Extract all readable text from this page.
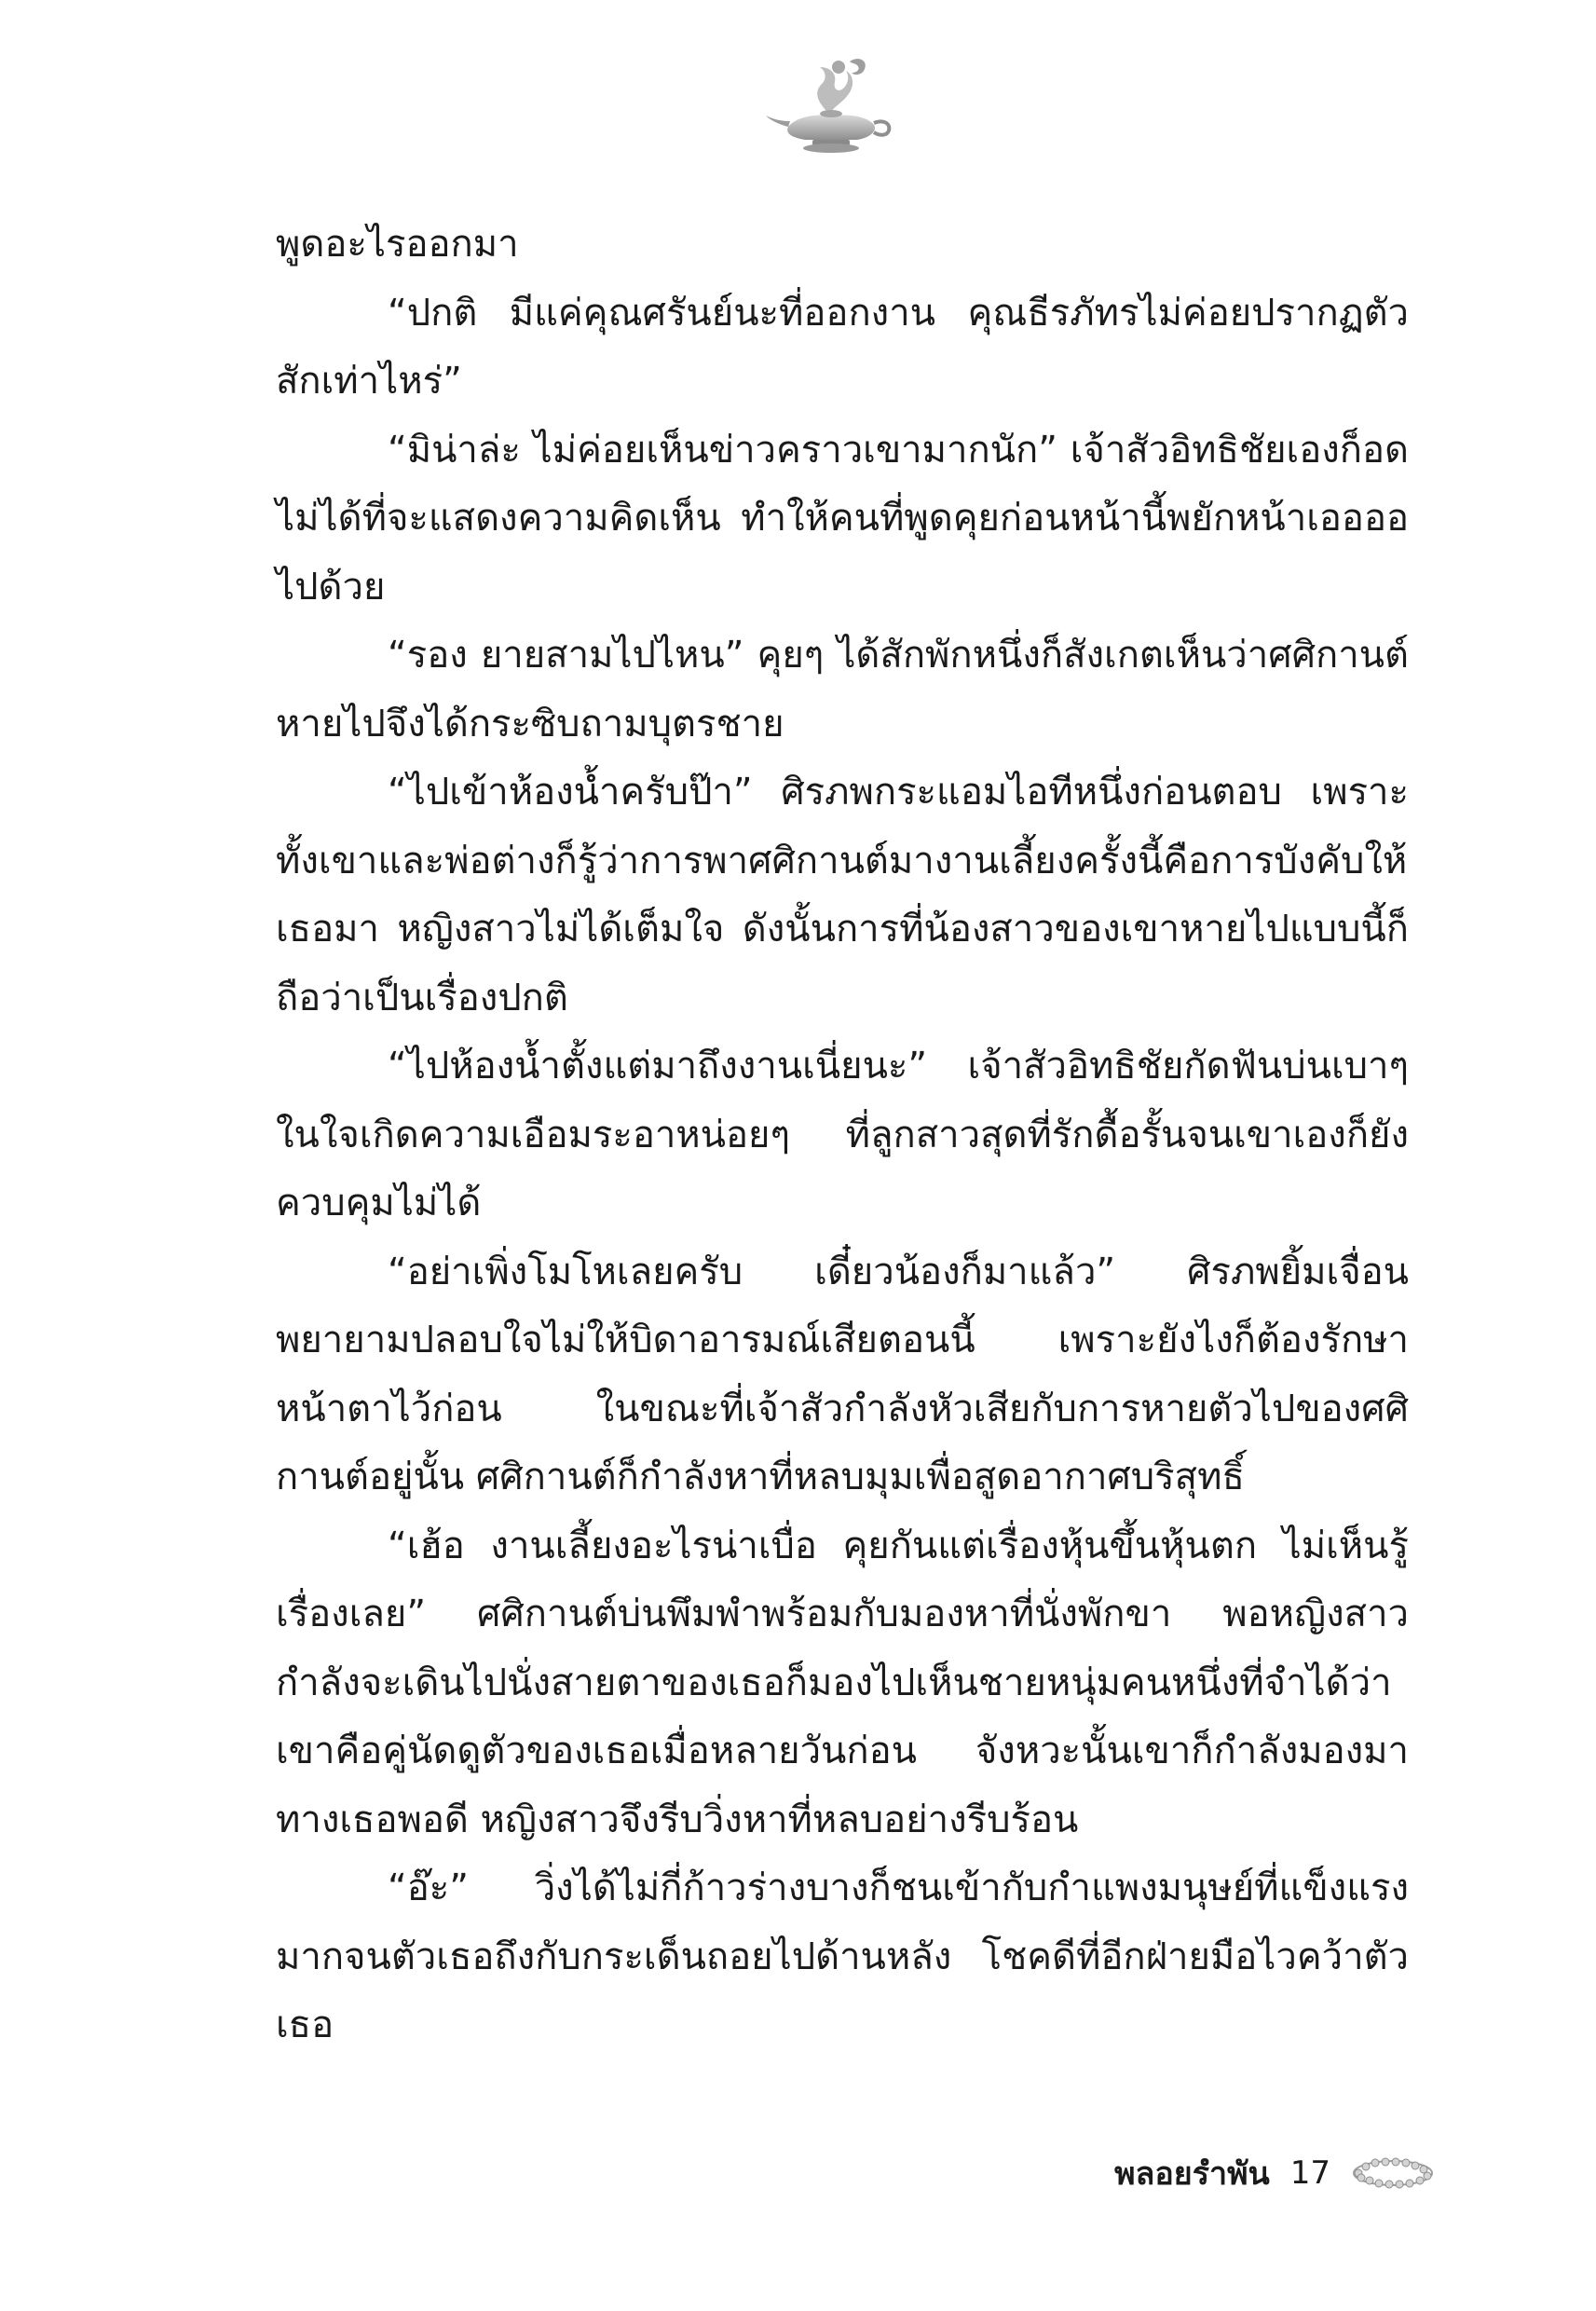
พูดอะไรออกมา

“ปกติ มีแค่คุณศรันย์นะที่ออกงาน คุณธีรภัทรไม่ค่อยปรากฏตัวสักเท่าไหร่”

“มิน่าล่ะ ไม่ค่อยเห็นข่าวคราวเขามากนัก” เจ้าสัวอิทธิชัยเองก็อดไม่ได้ที่จะแสดงความคิดเห็น ทำให้คนที่พูดคุยก่อนหน้านี้พยักหน้าเออออไปด้วย

“รอง ยายสามไปไหน” คุยๆ ได้สักพักหนึ่งก็สังเกตเห็นว่าศศิกานต์หายไปจึงได้กระซิบถามบุตรชาย

“ไปเข้าห้องน้ำครับป๊า” ศิรภพกระแอมไอทีหนึ่งก่อนตอบ เพราะทั้งเขาและพ่อต่างก็รู้ว่าการพาศศิกานต์มางานเลี้ยงครั้งนี้คือการบังคับให้เธอมา หญิงสาวไม่ได้เต็มใจ ดังนั้นการที่น้องสาวของเขาหายไปแบบนี้ก็ถือว่าเป็นเรื่องปกติ

“ไปห้องน้ำตั้งแต่มาถึงงานเนี่ยนะ” เจ้าสัวอิทธิชัยกัดฟันบ่นเบาๆ ในใจเกิดความเอือมระอาหน่อยๆ ที่ลูกสาวสุดที่รักดื้อรั้นจนเขาเองก็ยังควบคุมไม่ได้

“อย่าเพิ่งโมโหเลยครับ เดี๋ยวน้องก็มาแล้ว” ศิรภพยิ้มเจื่อนพยายามปลอบใจไม่ให้บิดาอารมณ์เสียตอนนี้ เพราะยังไงก็ต้องรักษาหน้าตาไว้ก่อน ในขณะที่เจ้าสัวกำลังหัวเสียกับการหายตัวไปของศศิกานต์อยู่นั้น ศศิกานต์ก็กำลังหาที่หลบมุมเพื่อสูดอากาศบริสุทธิ์

“เฮ้อ งานเลี้ยงอะไรน่าเบื่อ คุยกันแต่เรื่องหุ้นขึ้นหุ้นตก ไม่เห็นรู้เรื่องเลย” ศศิกานต์บ่นพึมพำพร้อมกับมองหาที่นั่งพักขา พอหญิงสาวกำลังจะเดินไปนั่งสายตาของเธอก็มองไปเห็นชายหนุ่มคนหนึ่งที่จำได้ว่าเขาคือคู่นัดดูตัวของเธอเมื่อหลายวันก่อน จังหวะนั้นเขาก็กำลังมองมาทางเธอพอดี หญิงสาวจึงรีบวิ่งหาที่หลบอย่างรีบร้อน

“อ๊ะ” วิ่งได้ไม่กี่ก้าวร่างบางก็ชนเข้ากับกำแพงมนุษย์ที่แข็งแรงมากจนตัวเธอถึงกับกระเด็นถอยไปด้านหลัง โชคดีที่อีกฝ่ายมือไวคว้าตัวเธอ

พลอยรำพัน 17
